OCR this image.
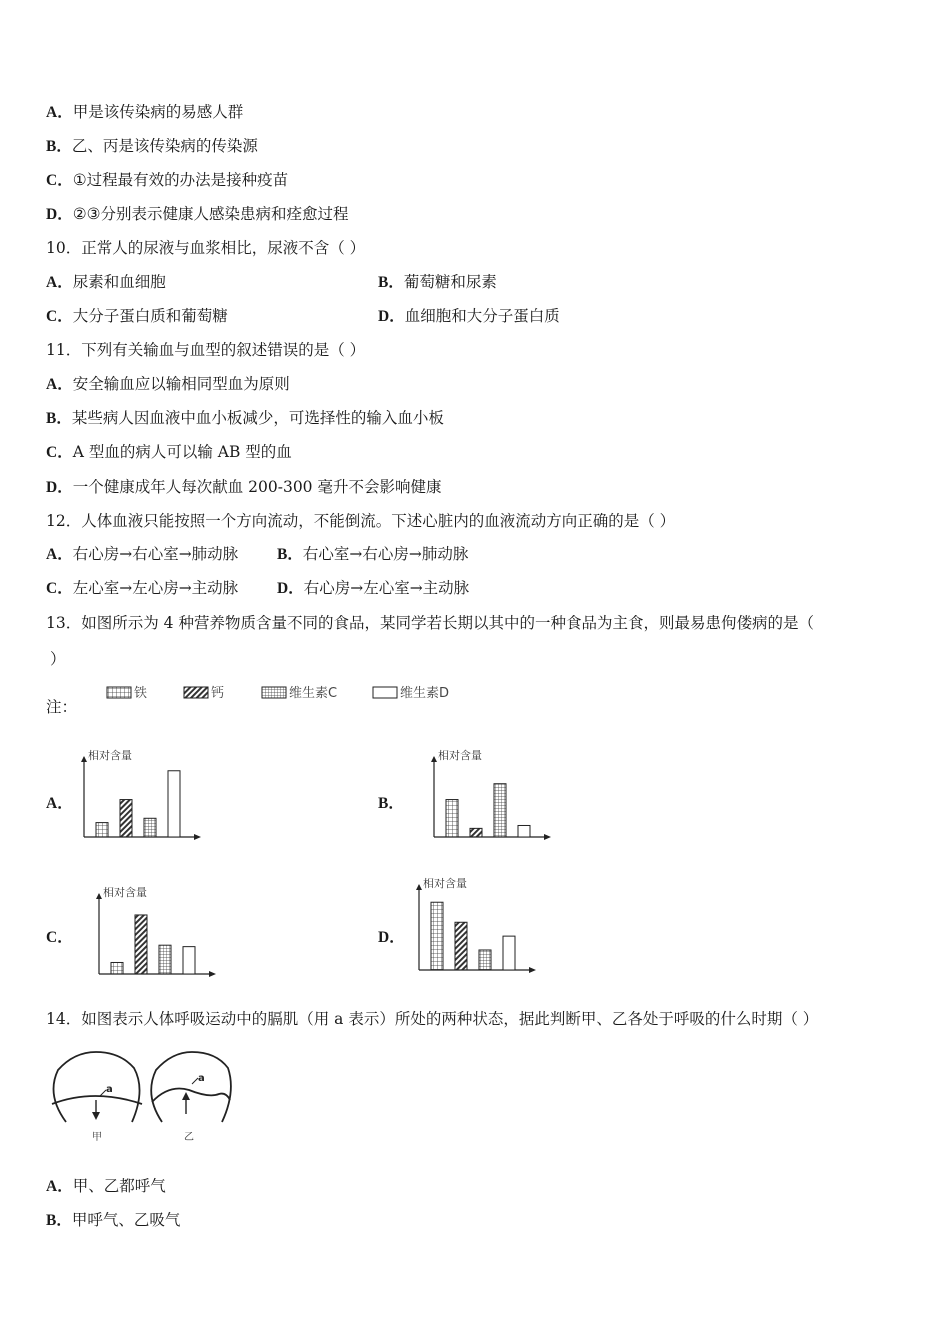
A．甲是该传染病的易感人群
B．乙、丙是该传染病的传染源
C．①过程最有效的办法是接种疫苗
D．②③分别表示健康人感染患病和痊愈过程
10．正常人的尿液与血浆相比，尿液不含（ ）
A．尿素和血细胞	B．葡萄糖和尿素
C．大分子蛋白质和葡萄糖	D．血细胞和大分子蛋白质
11．下列有关输血与血型的叙述错误的是（ ）
A．安全输血应以输相同型血为原则
B．某些病人因血液中血小板减少，可选择性的输入血小板
C．A 型血的病人可以输 AB 型的血
D．一个健康成年人每次献血 200-300 毫升不会影响健康
12．人体血液只能按照一个方向流动，不能倒流。下述心脏内的血液流动方向正确的是（ ）
A．右心房→右心室→肺动脉	B．右心室→右心房→肺动脉
C．左心室→左心房→主动脉	D．右心房→左心室→主动脉
13．如图所示为 4 种营养物质含量不同的食品，某同学若长期以其中的一种食品为主食，则最易患佝偻病的是（
）
注：
铁	钙	维生素C	维生素D
A．	B．
C．	D．
相对含量	相对含量
相对含量
相对含量
14．如图表示人体呼吸运动中的膈肌（用 a 表示）所处的两种状态，据此判断甲、乙各处于呼吸的什么时期（ ）
a
甲
a
乙
A．甲、乙都呼气
B．甲呼气、乙吸气
